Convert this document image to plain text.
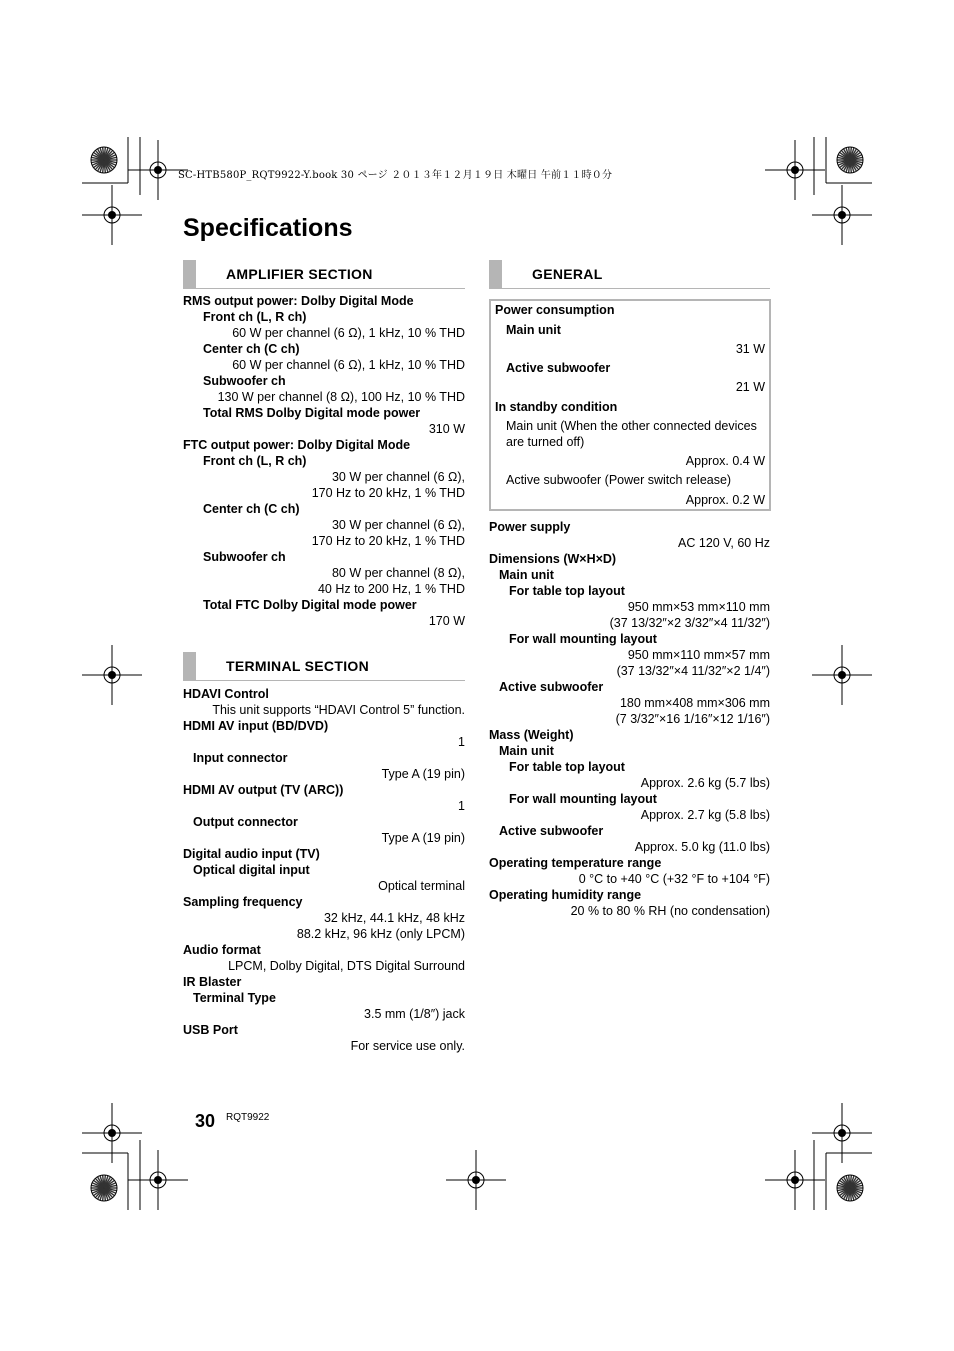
SC-HTB580P_RQT9922-Y.book 30 ページ ２０１３年１２月１９日 木曜日 午前１１時０分
Specifications
AMPLIFIER SECTION
RMS output power: Dolby Digital Mode
Front ch (L, R ch)
60 W per channel (6 Ω), 1 kHz, 10 % THD
Center ch (C ch)
60 W per channel (6 Ω), 1 kHz, 10 % THD
Subwoofer ch
130 W per channel (8 Ω), 100 Hz, 10 % THD
Total RMS Dolby Digital mode power
310 W
FTC output power: Dolby Digital Mode
Front ch (L, R ch)
30 W per channel (6 Ω),
170 Hz to 20 kHz, 1 % THD
Center ch (C ch)
30 W per channel (6 Ω),
170 Hz to 20 kHz, 1 % THD
Subwoofer ch
80 W per channel (8 Ω),
40 Hz to 200 Hz, 1 % THD
Total FTC Dolby Digital mode power
170 W
TERMINAL SECTION
HDAVI Control
This unit supports “HDAVI Control 5” function.
HDMI AV input (BD/DVD)
1
Input connector
Type A (19 pin)
HDMI AV output (TV (ARC))
1
Output connector
Type A (19 pin)
Digital audio input (TV)
Optical digital input
Optical terminal
Sampling frequency
32 kHz, 44.1 kHz, 48 kHz
88.2 kHz, 96 kHz (only LPCM)
Audio format
LPCM, Dolby Digital, DTS Digital Surround
IR Blaster
Terminal Type
3.5 mm (1/8″) jack
USB Port
For service use only.
GENERAL
Power consumption
Main unit
31 W
Active subwoofer
21 W
In standby condition
Main unit (When the other connected devices
are turned off)
Approx. 0.4 W
Active subwoofer (Power switch release)
Approx. 0.2 W
Power supply
AC 120 V, 60 Hz
Dimensions (W×H×D)
Main unit
For table top layout
950 mm×53 mm×110 mm
(37 13/32″×2 3/32″×4 11/32″)
For wall mounting layout
950 mm×110 mm×57 mm
(37 13/32″×4 11/32″×2 1/4″)
Active subwoofer
180 mm×408 mm×306 mm
(7 3/32″×16 1/16″×12 1/16″)
Mass (Weight)
Main unit
For table top layout
Approx. 2.6 kg (5.7 lbs)
For wall mounting layout
Approx. 2.7 kg (5.8 lbs)
Active subwoofer
Approx. 5.0 kg (11.0 lbs)
Operating temperature range
0 °C to +40 °C (+32 °F to +104 °F)
Operating humidity range
20 % to 80 % RH (no condensation)
30 RQT9922
